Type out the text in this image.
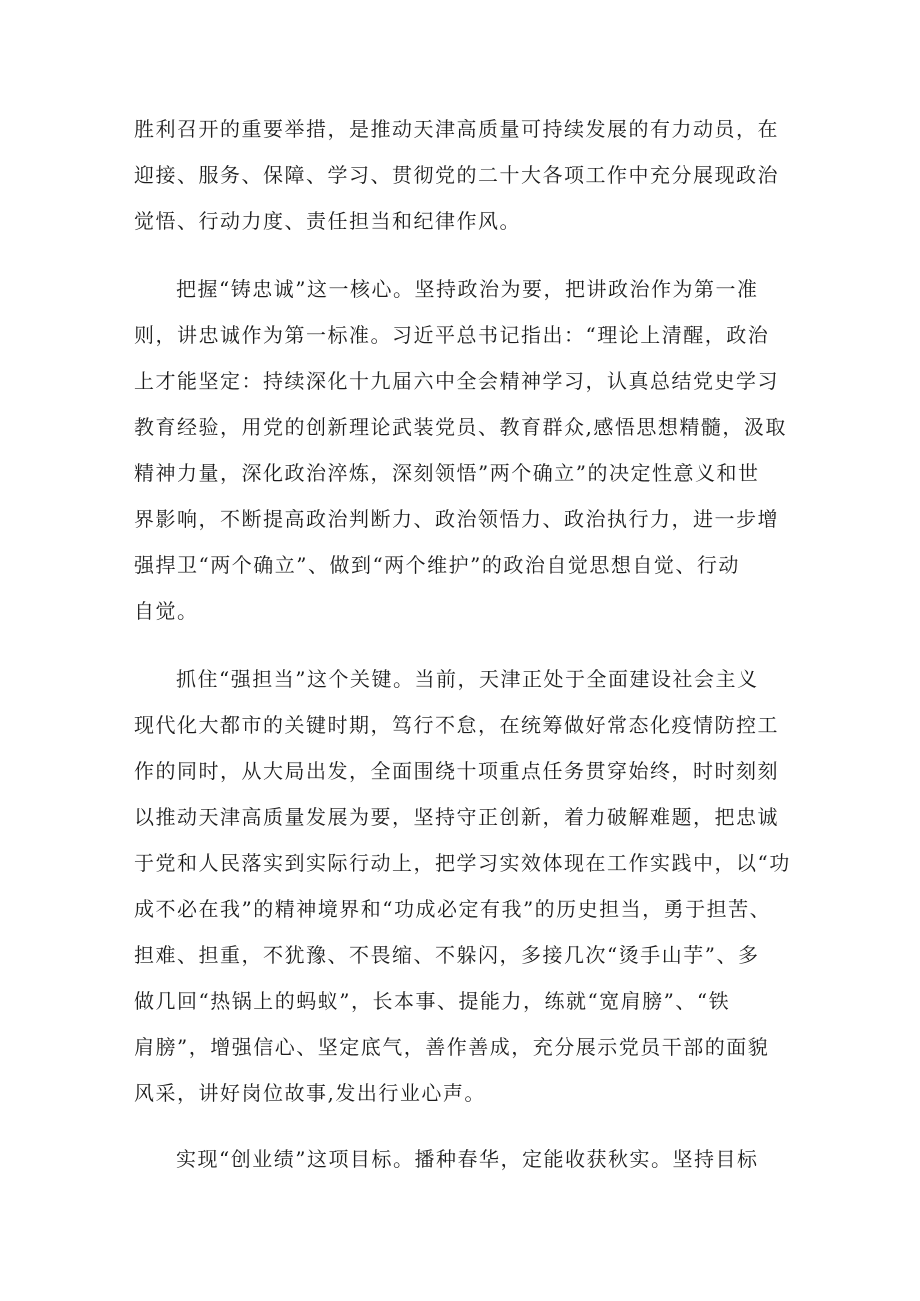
胜利召开的重要举措，是推动天津高质量可持续发展的有力动员，在
迎接、服务、保障、学习、贯彻党的二十大各项工作中充分展现政治
觉悟、行动力度、责任担当和纪律作风。
把握“铸忠诚”这一核心。坚持政治为要，把讲政治作为第一准
则，讲忠诚作为第一标准。习近平总书记指出：“理论上清醒，政治
上才能坚定：持续深化十九届六中全会精神学习，认真总结党史学习
教育经验，用党的创新理论武装党员、教育群众,感悟思想精髓，汲取
精神力量，深化政治淬炼，深刻领悟”两个确立”的决定性意义和世
界影响，不断提高政治判断力、政治领悟力、政治执行力，进一步增
强捍卫“两个确立”、做到“两个维护”的政治自觉思想自觉、行动
自觉。
抓住“强担当”这个关键。当前，天津正处于全面建设社会主义
现代化大都市的关键时期，笃行不怠，在统筹做好常态化疫情防控工
作的同时，从大局出发，全面围绕十项重点任务贯穿始终，时时刻刻
以推动天津高质量发展为要，坚持守正创新，着力破解难题，把忠诚
于党和人民落实到实际行动上，把学习实效体现在工作实践中，以“功
成不必在我”的精神境界和“功成必定有我”的历史担当，勇于担苦、
担难、担重，不犹豫、不畏缩、不躲闪，多接几次“烫手山芋”、多
做几回“热锅上的蚂蚁”，长本事、提能力，练就“宽肩膀”、“铁
肩膀”，增强信心、坚定底气，善作善成，充分展示党员干部的面貌
风采，讲好岗位故事,发出行业心声。
实现“创业绩”这项目标。播种春华，定能收获秋实。坚持目标
